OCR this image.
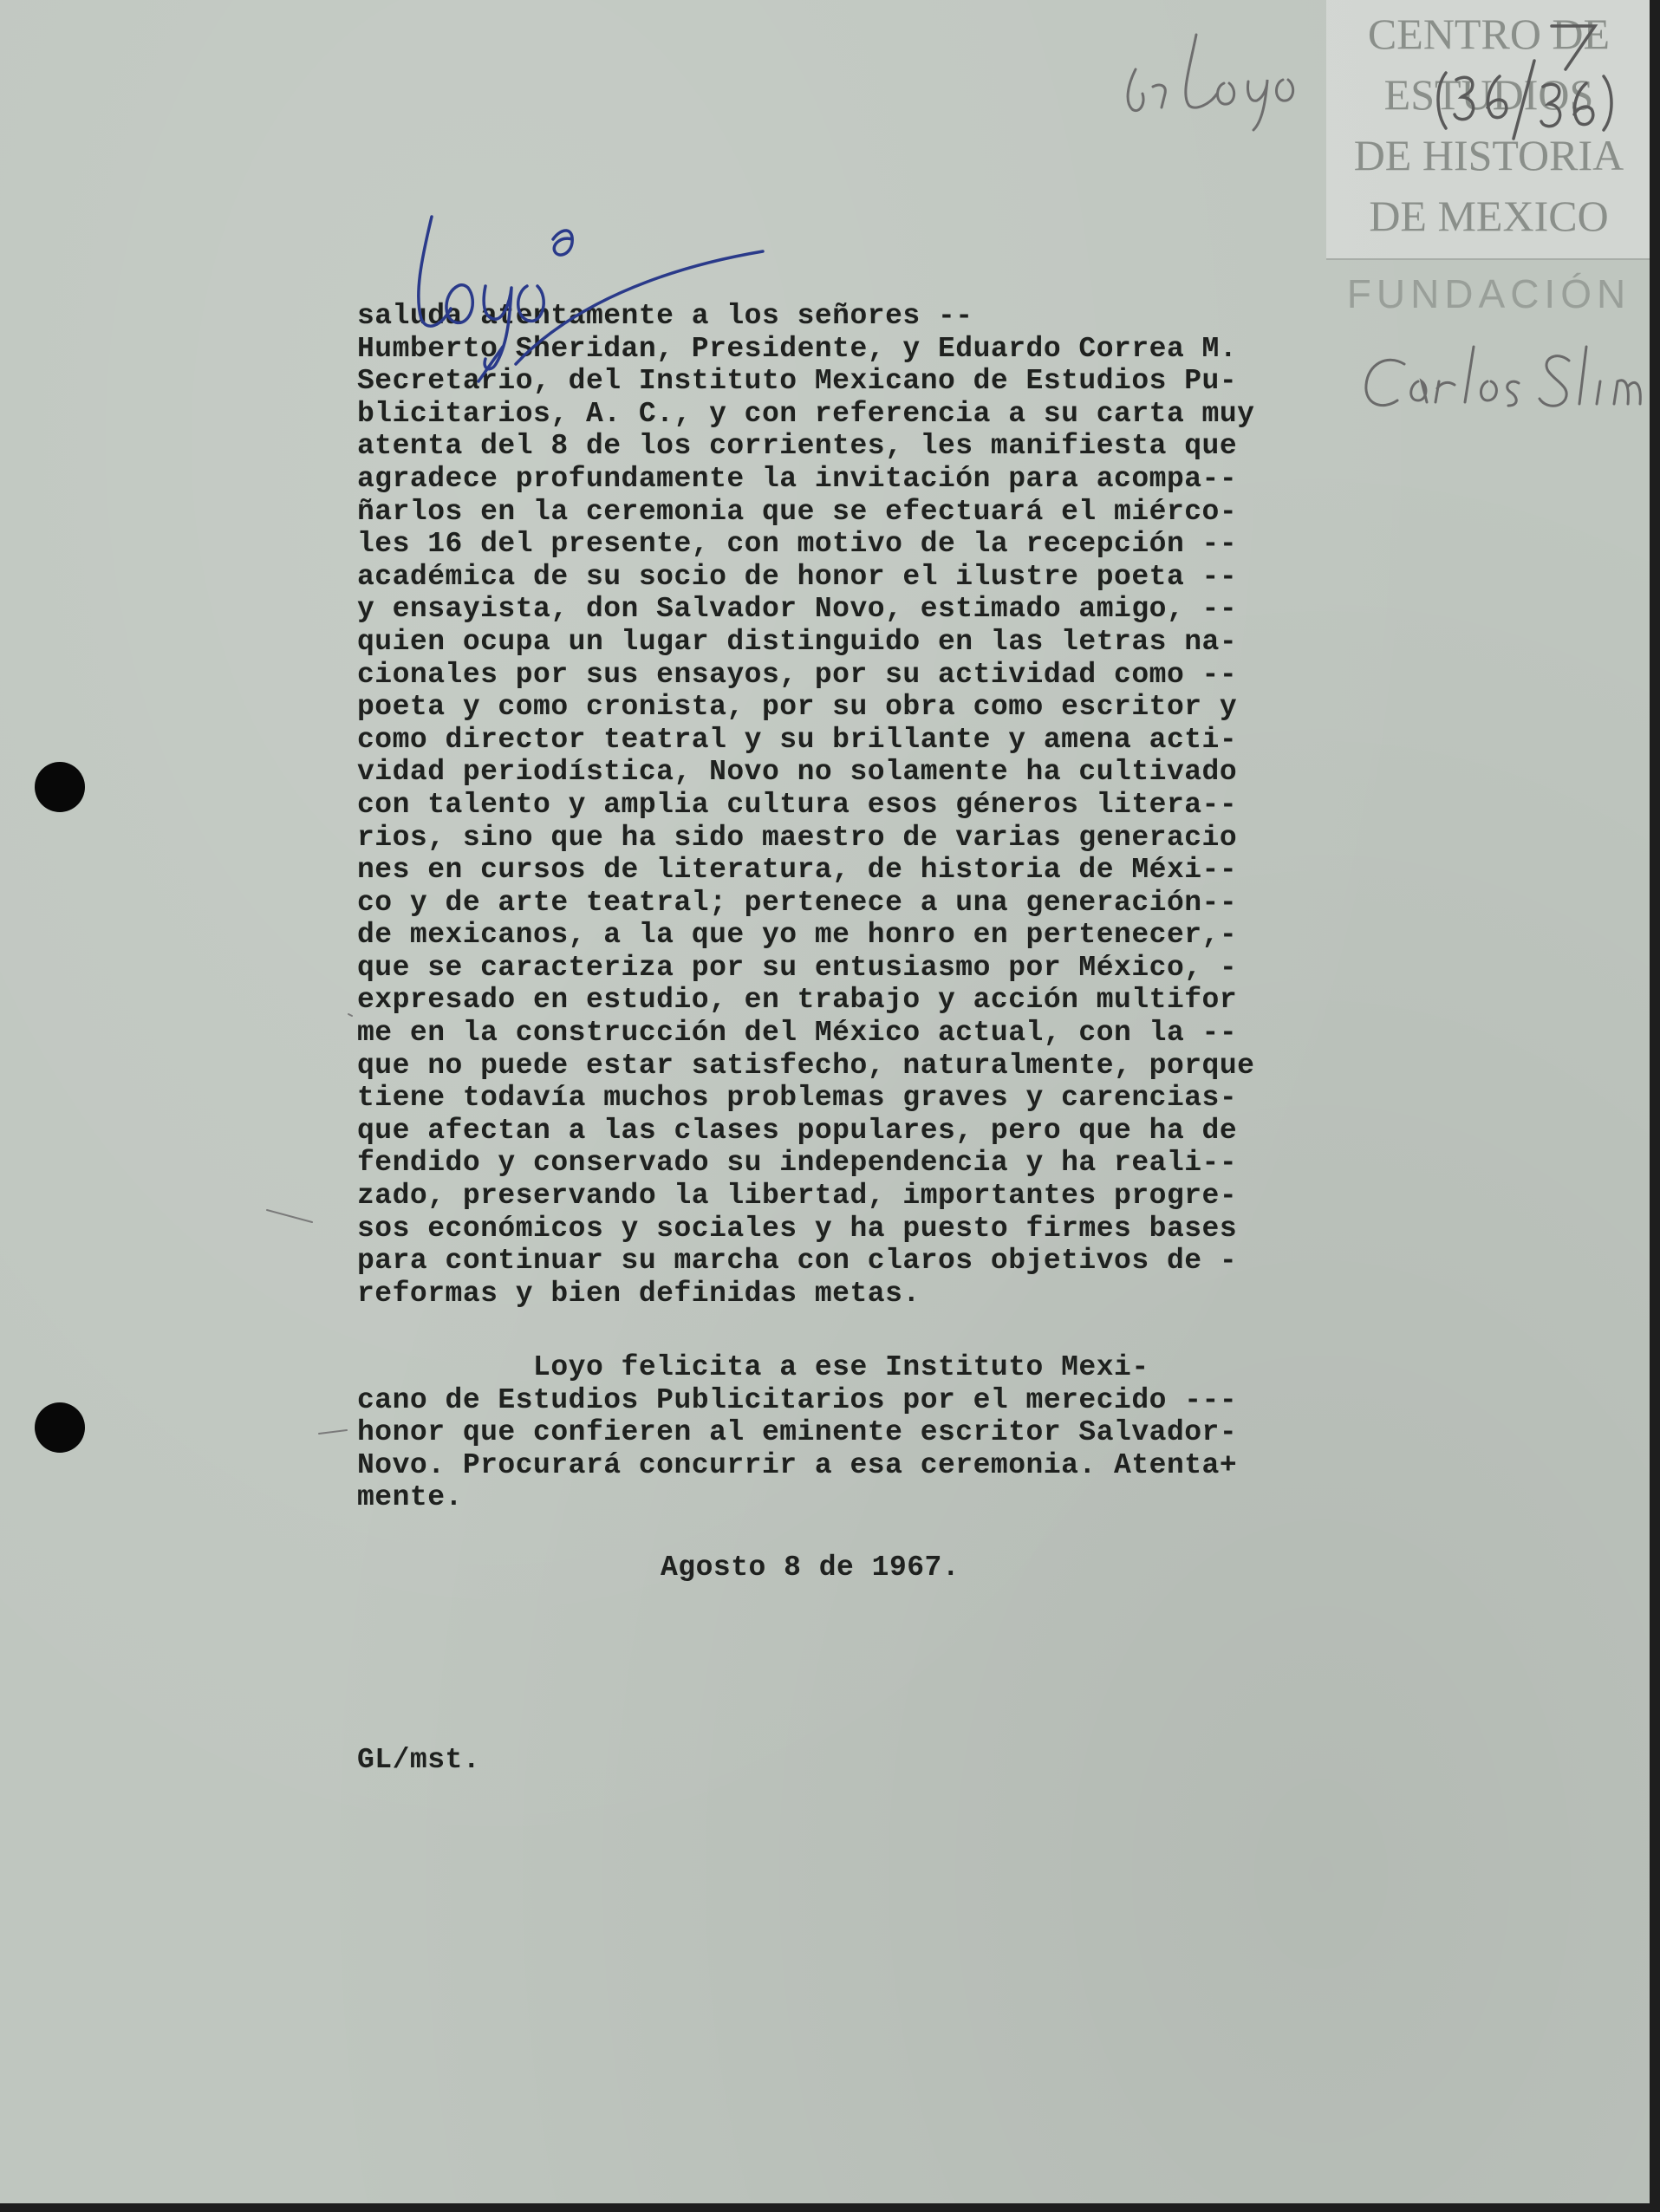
saluda atentamente a los señores --
Humberto Sheridan, Presidente, y Eduardo Correa M.
Secretario, del Instituto Mexicano de Estudios Pu-
blicitarios, A. C., y con referencia a su carta muy
atenta del 8 de los corrientes, les manifiesta que
agradece profundamente la invitación para acompa--
ñarlos en la ceremonia que se efectuará el miérco-
les 16 del presente, con motivo de la recepción --
académica de su socio de honor el ilustre poeta --
y ensayista, don Salvador Novo, estimado amigo, --
quien ocupa un lugar distinguido en las letras na-
cionales por sus ensayos, por su actividad como --
poeta y como cronista, por su obra como escritor y
como director teatral y su brillante y amena acti-
vidad periodística, Novo no solamente ha cultivado
con talento y amplia cultura esos géneros litera--
rios, sino que ha sido maestro de varias generacio
nes en cursos de literatura, de historia de Méxi--
co y de arte teatral; pertenece a una generación--
de mexicanos, a la que yo me honro en pertenecer,-
que se caracteriza por su entusiasmo por México, -
expresado en estudio, en trabajo y acción multifor
me en la construcción del México actual, con la --
que no puede estar satisfecho, naturalmente, porque
tiene todavía muchos problemas graves y carencias-
que afectan a las clases populares, pero que ha de
fendido y conservado su independencia y ha reali--
zado, preservando la libertad, importantes progre-
sos económicos y sociales y ha puesto firmes bases
para continuar su marcha con claros objetivos de -
reformas y bien definidas metas.
Loyo felicita a ese Instituto Mexi-
cano de Estudios Publicitarios por el merecido ---
honor que confieren al eminente escritor Salvador-
Novo. Procurará concurrir a esa ceremonia. Atenta+
mente.
Agosto 8 de 1967.
GL/mst.
CENTRO DE
ESTUDIOS
DE HISTORIA
DE MEXICO
FUNDACIÓN
